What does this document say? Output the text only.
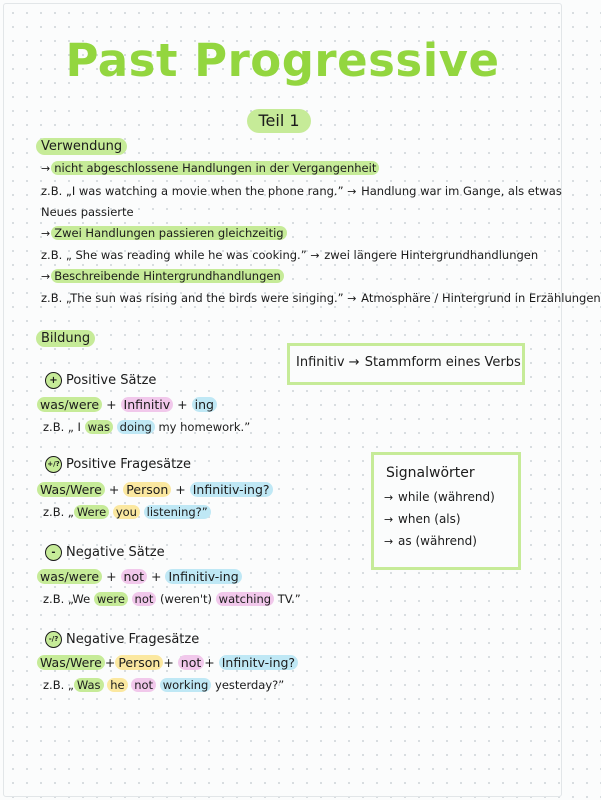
Past Progressive
Teil 1
Verwendung
→ nicht abgeschlossene Handlungen in der Vergangenheit
z.B. „I was watching a movie when the phone rang.” → Handlung war im Gange, als etwas
Neues passierte
→ Zwei Handlungen passieren gleichzeitig
z.B. „ She was reading while he was cooking.” → zwei längere Hintergrundhandlungen
→ Beschreibende Hintergrundhandlungen
z.B. „The sun was rising and the birds were singing.” → Atmosphäre / Hintergrund in Erzählungen
Bildung
+ Positive Sätze
was/were + Infinitiv + ing
z.B. „ I was doing my homework.”
+/? Positive Fragesätze
Was/Were + Person + Infinitiv-ing?
z.B. „ Were you listening?”
- Negative Sätze
was/were + not + Infinitiv-ing
z.B. „We were not (weren't) watching TV.”
-/? Negative Fragesätze
Was/Were + Person + not + Infinitv-ing?
z.B. „ Was he not working yesterday?”
Infinitiv → Stammform eines Verbs
Signalwörter
→ while (während)
→ when (als)
→ as (während)
